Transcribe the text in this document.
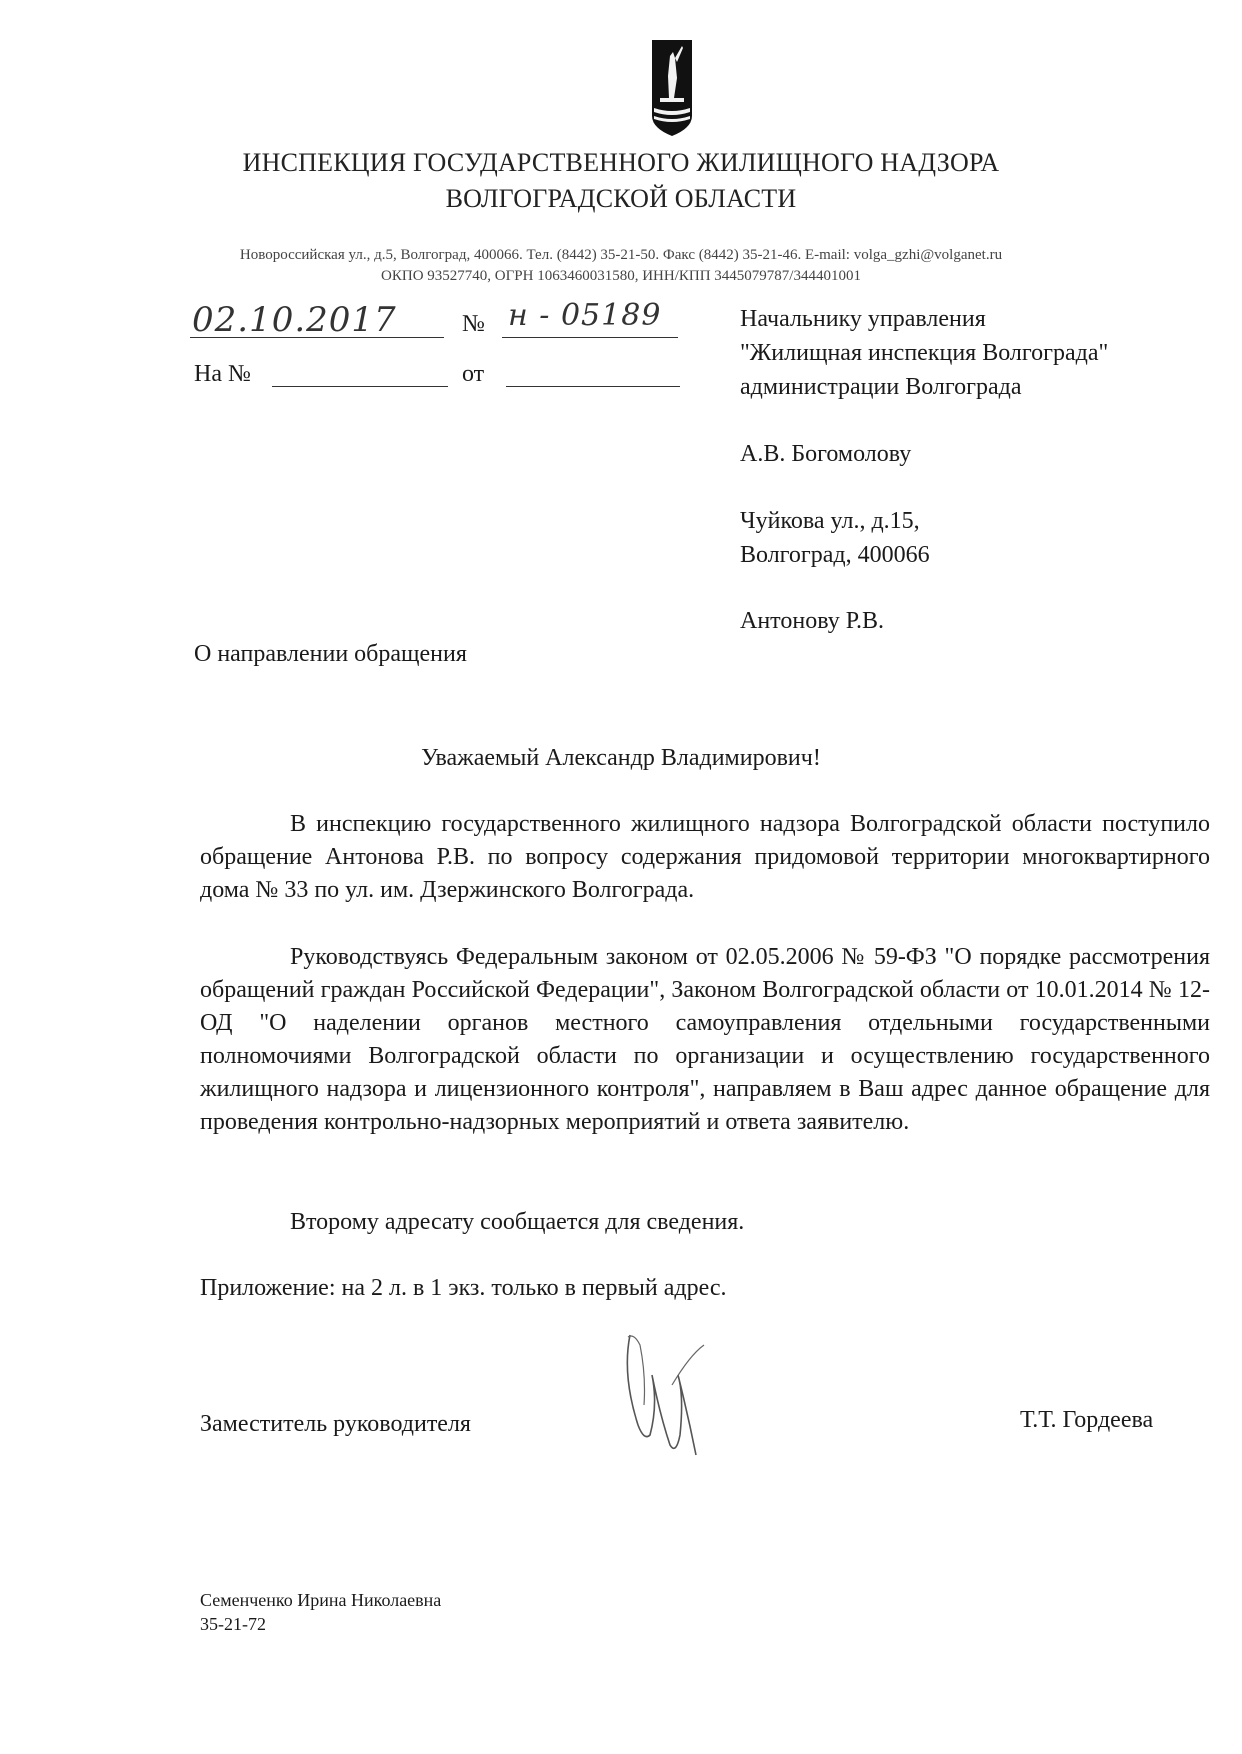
ИНСПЕКЦИЯ ГОСУДАРСТВЕННОГО ЖИЛИЩНОГО НАДЗОРА
ВОЛГОГРАДСКОЙ ОБЛАСТИ
Новороссийская ул., д.5, Волгоград, 400066. Тел. (8442) 35-21-50. Факс (8442) 35-21-46. E-mail: volga_gzhi@volganet.ru
ОКПО 93527740, ОГРН 1063460031580, ИНН/КПП 3445079787/344401001
02.10.2017	№ н - 05189
На №	от
Начальнику управления
"Жилищная инспекция Волгограда"
администрации Волгограда
А.В. Богомолову
Чуйкова ул., д.15,
Волгоград, 400066
Антонову Р.В.
О направлении обращения
Уважаемый Александр Владимирович!
В инспекцию государственного жилищного надзора Волгоградской области поступило обращение Антонова Р.В. по вопросу содержания придомовой территории многоквартирного дома № 33 по ул. им. Дзержинского Волгограда.
Руководствуясь Федеральным законом от 02.05.2006 № 59-ФЗ "О порядке рассмотрения обращений граждан Российской Федерации", Законом Волгоградской области от 10.01.2014 № 12-ОД "О наделении органов местного самоуправления отдельными государственными полномочиями Волгоградской области по организации и осуществлению государственного жилищного надзора и лицензионного контроля", направляем в Ваш адрес данное обращение для проведения контрольно-надзорных мероприятий и ответа заявителю.
Второму адресату сообщается для сведения.
Приложение: на 2 л. в 1 экз. только в первый адрес.
Заместитель руководителя	Т.Т. Гордеева
Семенченко Ирина Николаевна
35-21-72
